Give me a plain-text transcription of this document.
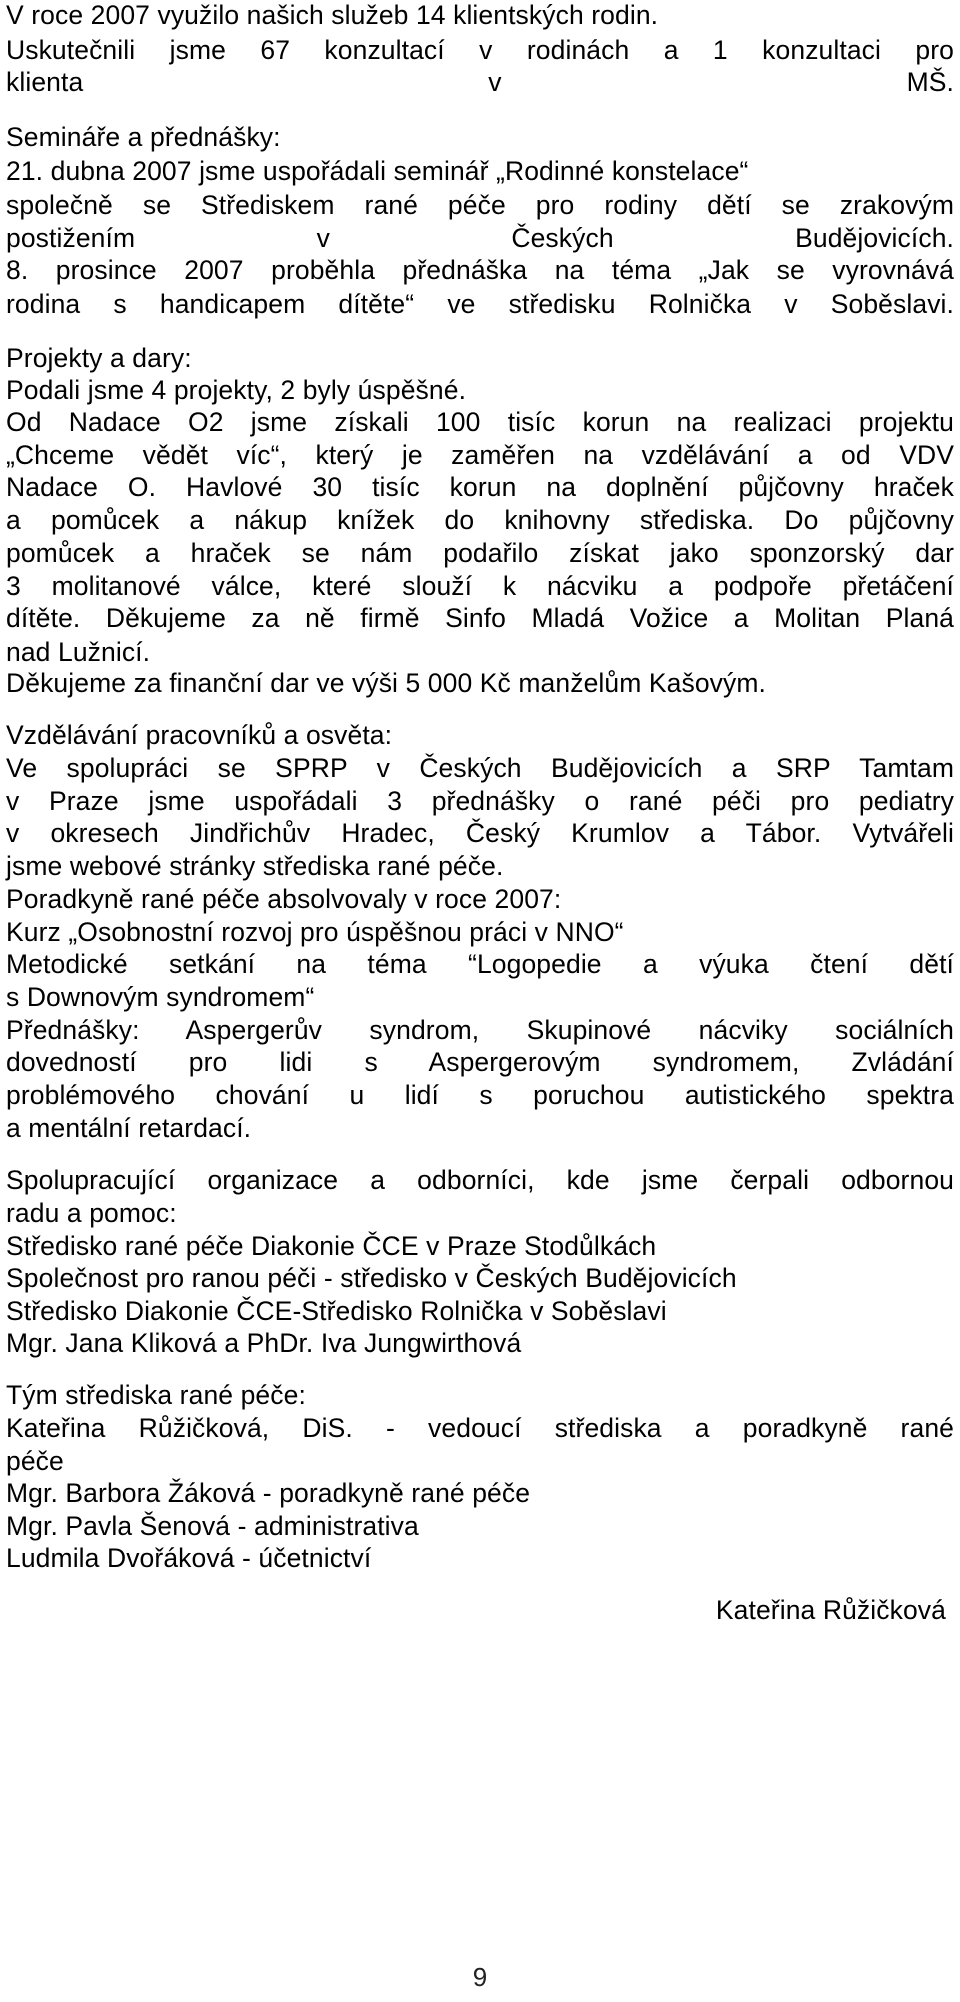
V roce 2007 využilo našich služeb 14 klientských rodin.
Uskutečnili jsme 67 konzultací v rodinách a 1 konzultaci pro
klienta v MŠ.
Semináře a přednášky:
21. dubna 2007 jsme uspořádali seminář „Rodinné konstelace“
společně se Střediskem rané péče pro rodiny dětí se zrakovým
postižením v Českých Budějovicích.
8. prosince 2007 proběhla přednáška na téma „Jak se vyrovnává
rodina s handicapem dítěte“ ve středisku Rolnička v Soběslavi.
Projekty a dary:
Podali jsme 4 projekty, 2 byly úspěšné.
Od Nadace O2 jsme získali 100 tisíc korun na realizaci projektu
„Chceme vědět víc“, který je zaměřen na vzdělávání a od VDV
Nadace O. Havlové 30 tisíc korun na doplnění půjčovny hraček
a pomůcek a nákup knížek do knihovny střediska. Do půjčovny
pomůcek a hraček se nám podařilo získat jako sponzorský dar
3 molitanové válce, které slouží k nácviku a podpoře přetáčení
dítěte. Děkujeme za ně firmě Sinfo Mladá Vožice a Molitan Planá
nad Lužnicí.
Děkujeme za finanční dar ve výši 5 000 Kč manželům Kašovým.
Vzdělávání pracovníků a osvěta:
Ve spolupráci se SPRP v Českých Budějovicích a SRP Tamtam
v Praze jsme uspořádali 3 přednášky o rané péči pro pediatry
v okresech Jindřichův Hradec, Český Krumlov a Tábor. Vytvářeli
jsme webové stránky střediska rané péče.
Poradkyně rané péče absolvovaly v roce 2007:
Kurz „Osobnostní rozvoj pro úspěšnou práci v NNO“
Metodické setkání na téma “Logopedie a výuka čtení dětí
s Downovým syndromem“
Přednášky: Aspergerův syndrom, Skupinové nácviky sociálních
dovedností pro lidi s Aspergerovým syndromem, Zvládání
problémového chování u lidí s poruchou autistického spektra
a mentální retardací.
Spolupracující organizace a odborníci, kde jsme čerpali odbornou
radu a pomoc:
Středisko rané péče Diakonie ČCE v Praze Stodůlkách
Společnost pro ranou péči - středisko v Českých Budějovicích
Středisko Diakonie ČCE-Středisko Rolnička v Soběslavi
Mgr. Jana Kliková a PhDr. Iva Jungwirthová
Tým střediska rané péče:
Kateřina Růžičková, DiS. - vedoucí střediska a poradkyně rané
péče
Mgr. Barbora Žáková - poradkyně rané péče
Mgr. Pavla Šenová - administrativa
Ludmila Dvořáková - účetnictví
Kateřina Růžičková
9
